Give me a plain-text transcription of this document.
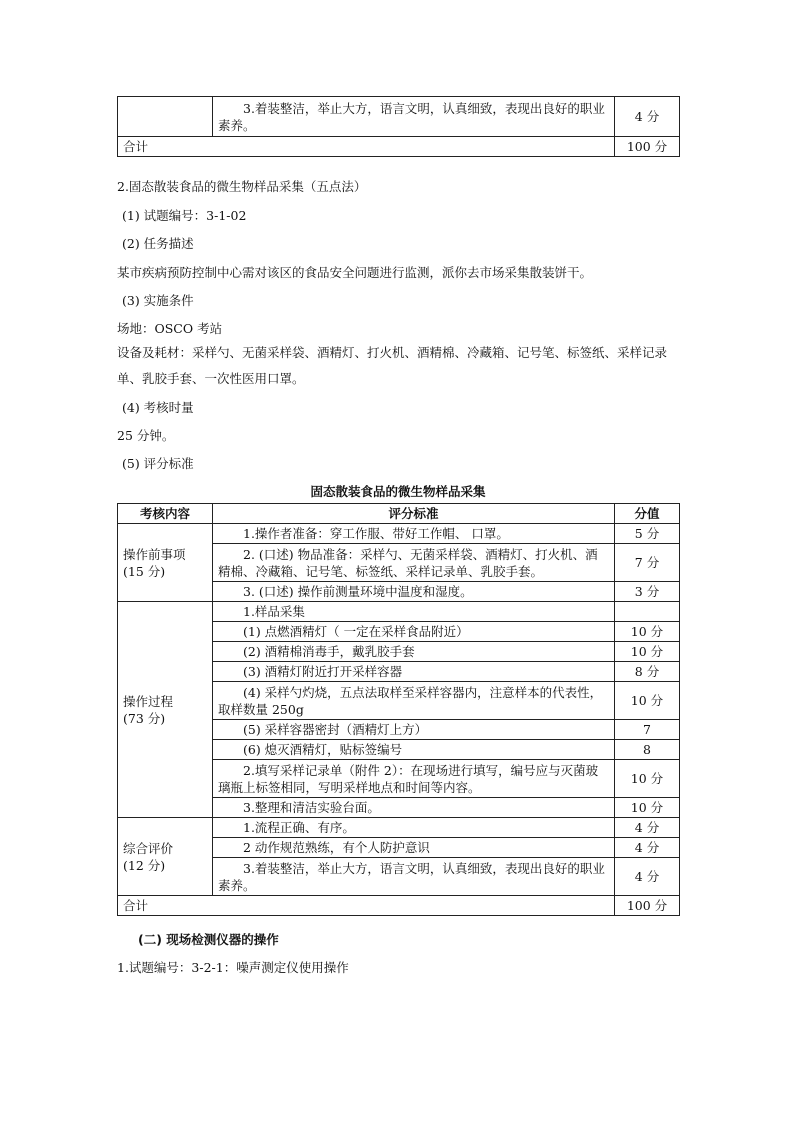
	3.着装整洁，举止大方，语言文明，认真细致，表现出良好的职业素养。	4 分
合计		100 分
2.固态散装食品的微生物样品采集（五点法）
(1) 试题编号：3-1-02
(2) 任务描述
某市疾病预防控制中心需对该区的食品安全问题进行监测，派你去市场采集散装饼干。
(3) 实施条件
场地：OSCO 考站
设备及耗材：采样勺、无菌采样袋、酒精灯、打火机、酒精棉、冷藏箱、记号笔、标签纸、采样记录单、乳胶手套、一次性医用口罩。
(4) 考核时量
25 分钟。
(5) 评分标准
固态散装食品的微生物样品采集
考核内容	评分标准	分值

操作前事项
(15 分)	1.操作者准备：穿工作服、带好工作帽、 口罩。	5 分
	2. (口述) 物品准备：采样勺、无菌采样袋、酒精灯、打火机、酒精棉、冷藏箱、记号笔、标签纸、采样记录单、乳胶手套。	7 分
	3. (口述) 操作前测量环境中温度和湿度。	3 分

操作过程
(73 分)	1.样品采集	
	(1) 点燃酒精灯（ 一定在采样食品附近）	10 分
	(2) 酒精棉消毒手，戴乳胶手套	10 分
	(3) 酒精灯附近打开采样容器	8 分
	(4) 采样勺灼烧，五点法取样至采样容器内，注意样本的代表性，取样数量 250g	10 分
	(5) 采样容器密封（酒精灯上方）	7
	(6) 熄灭酒精灯，贴标签编号	8
	2.填写采样记录单（附件 2）：在现场进行填写，编号应与灭菌玻璃瓶上标签相同，写明采样地点和时间等内容。	10 分
	3.整理和清洁实验台面。	10 分

综合评价
(12 分)	1.流程正确、有序。	4 分
	2 动作规范熟练，有个人防护意识	4 分
	3.着装整洁，举止大方，语言文明，认真细致，表现出良好的职业素养。	4 分
合计		100 分
(二) 现场检测仪器的操作
1.试题编号：3-2-1：噪声测定仪使用操作
